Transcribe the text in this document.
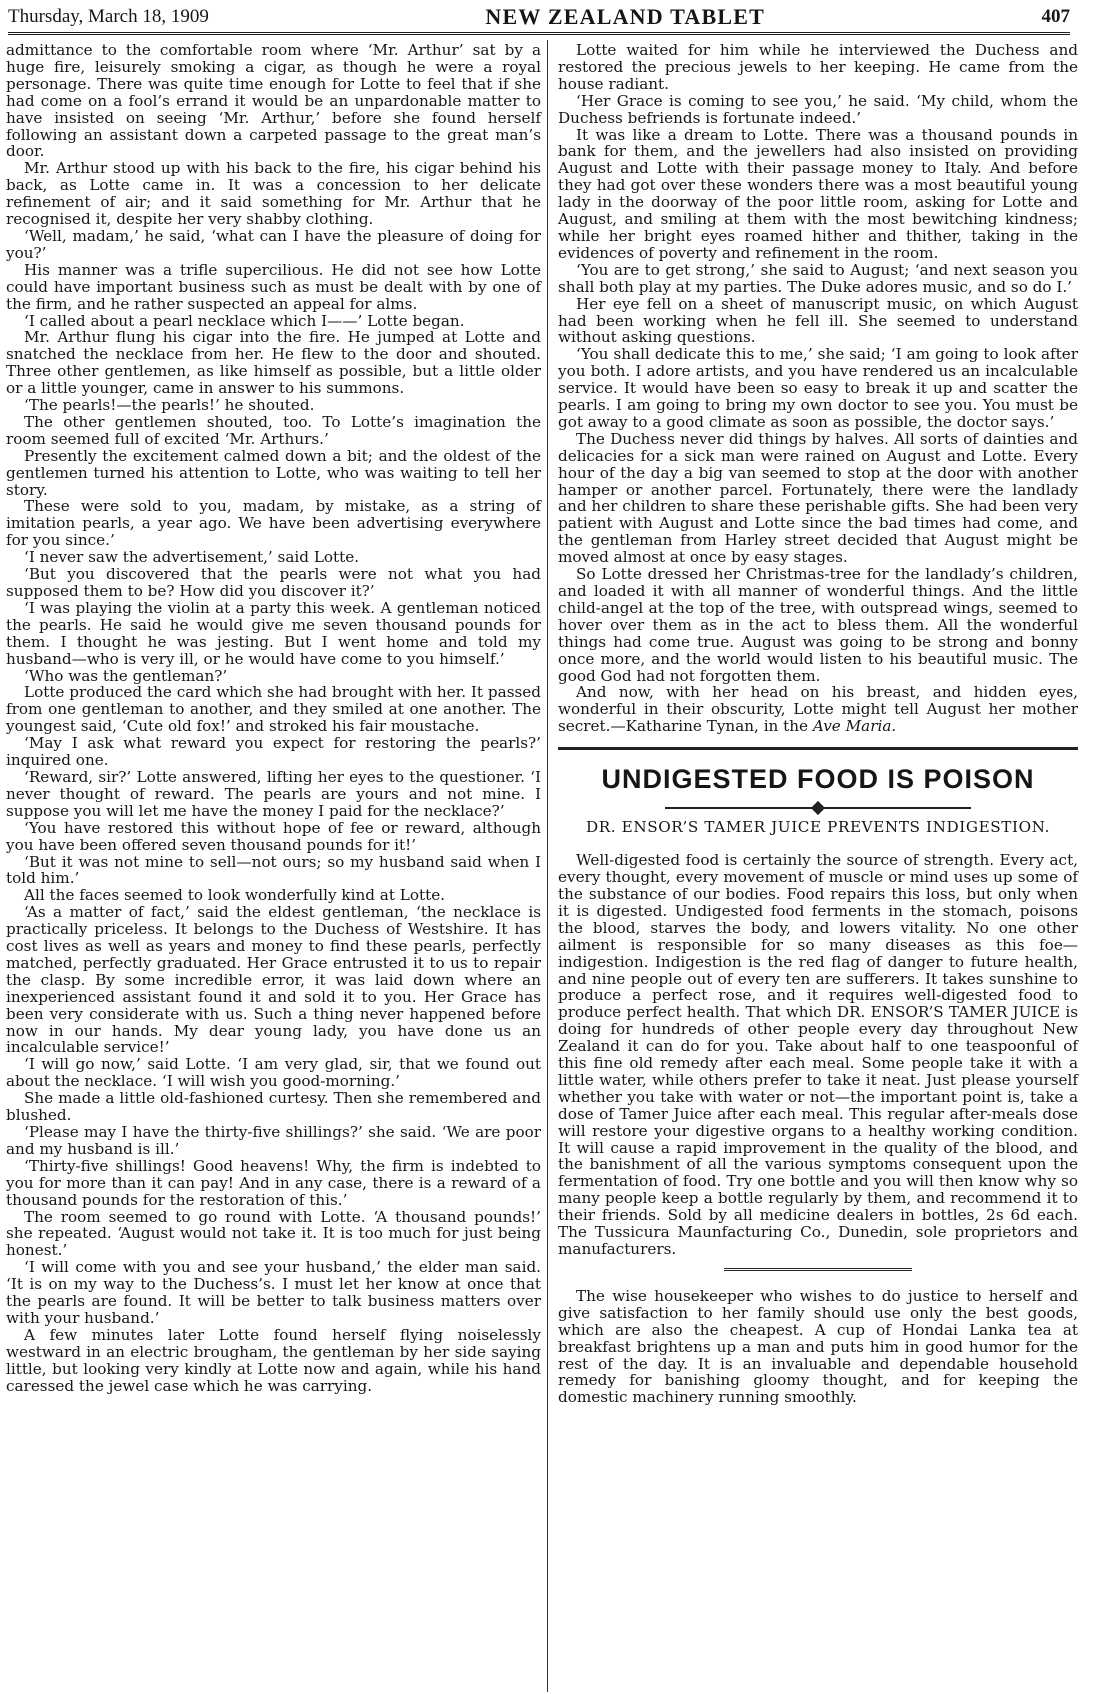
Thursday, March 18, 1909	NEW ZEALAND TABLET	407

admittance to the comfortable room where ‘Mr. Arthur’ sat by a huge fire, leisurely smoking a cigar, as though he were a royal personage. There was quite time enough for Lotte to feel that if she had come on a fool’s errand it would be an unpardonable matter to have insisted on seeing ‘Mr. Arthur,’ before she found herself following an assistant down a carpeted passage to the great man’s door.

Mr. Arthur stood up with his back to the fire, his cigar behind his back, as Lotte came in. It was a concession to her delicate refinement of air; and it said something for Mr. Arthur that he recognised it, despite her very shabby clothing.

‘Well, madam,’ he said, ‘what can I have the pleasure of doing for you?’

His manner was a trifle supercilious. He did not see how Lotte could have important business such as must be dealt with by one of the firm, and he rather suspected an appeal for alms.

‘I called about a pearl necklace which I——’ Lotte began.

Mr. Arthur flung his cigar into the fire. He jumped at Lotte and snatched the necklace from her. He flew to the door and shouted. Three other gentlemen, as like himself as possible, but a little older or a little younger, came in answer to his summons.

‘The pearls!—the pearls!’ he shouted.

The other gentlemen shouted, too. To Lotte’s imagination the room seemed full of excited ‘Mr. Arthurs.’

Presently the excitement calmed down a bit; and the oldest of the gentlemen turned his attention to Lotte, who was waiting to tell her story.

These were sold to you, madam, by mistake, as a string of imitation pearls, a year ago. We have been advertising everywhere for you since.’

‘I never saw the advertisement,’ said Lotte.

‘But you discovered that the pearls were not what you had supposed them to be? How did you discover it?’

‘I was playing the violin at a party this week. A gentleman noticed the pearls. He said he would give me seven thousand pounds for them. I thought he was jesting. But I went home and told my husband—who is very ill, or he would have come to you himself.’

‘Who was the gentleman?’

Lotte produced the card which she had brought with her. It passed from one gentleman to another, and they smiled at one another. The youngest said, ‘Cute old fox!’ and stroked his fair moustache.

‘May I ask what reward you expect for restoring the pearls?’ inquired one.

‘Reward, sir?’ Lotte answered, lifting her eyes to the questioner. ‘I never thought of reward. The pearls are yours and not mine. I suppose you will let me have the money I paid for the necklace?’

‘You have restored this without hope of fee or reward, although you have been offered seven thousand pounds for it!’

‘But it was not mine to sell—not ours; so my husband said when I told him.’

All the faces seemed to look wonderfully kind at Lotte.

‘As a matter of fact,’ said the eldest gentleman, ‘the necklace is practically priceless. It belongs to the Duchess of Westshire. It has cost lives as well as years and money to find these pearls, perfectly matched, perfectly graduated. Her Grace entrusted it to us to repair the clasp. By some incredible error, it was laid down where an inexperienced assistant found it and sold it to you. Her Grace has been very considerate with us. Such a thing never happened before now in our hands. My dear young lady, you have done us an incalculable service!’

‘I will go now,’ said Lotte. ‘I am very glad, sir, that we found out about the necklace. ‘I will wish you good-morning.’

She made a little old-fashioned curtesy. Then she remembered and blushed.

‘Please may I have the thirty-five shillings?’ she said. ‘We are poor and my husband is ill.’

‘Thirty-five shillings! Good heavens! Why, the firm is indebted to you for more than it can pay! And in any case, there is a reward of a thousand pounds for the restoration of this.’

The room seemed to go round with Lotte. ‘A thousand pounds!’ she repeated. ‘August would not take it. It is too much for just being honest.’

‘I will come with you and see your husband,’ the elder man said. ‘It is on my way to the Duchess’s. I must let her know at once that the pearls are found. It will be better to talk business matters over with your husband.’

A few minutes later Lotte found herself flying noiselessly westward in an electric brougham, the gentleman by her side saying little, but looking very kindly at Lotte now and again, while his hand caressed the jewel case which he was carrying.

Lotte waited for him while he interviewed the Duchess and restored the precious jewels to her keeping. He came from the house radiant.

‘Her Grace is coming to see you,’ he said. ‘My child, whom the Duchess befriends is fortunate indeed.’

It was like a dream to Lotte. There was a thousand pounds in bank for them, and the jewellers had also insisted on providing August and Lotte with their passage money to Italy. And before they had got over these wonders there was a most beautiful young lady in the doorway of the poor little room, asking for Lotte and August, and smiling at them with the most bewitching kindness; while her bright eyes roamed hither and thither, taking in the evidences of poverty and refinement in the room.

‘You are to get strong,’ she said to August; ‘and next season you shall both play at my parties. The Duke adores music, and so do I.’

Her eye fell on a sheet of manuscript music, on which August had been working when he fell ill. She seemed to understand without asking questions.

‘You shall dedicate this to me,’ she said; ‘I am going to look after you both. I adore artists, and you have rendered us an incalculable service. It would have been so easy to break it up and scatter the pearls. I am going to bring my own doctor to see you. You must be got away to a good climate as soon as possible, the doctor says.’

The Duchess never did things by halves. All sorts of dainties and delicacies for a sick man were rained on August and Lotte. Every hour of the day a big van seemed to stop at the door with another hamper or another parcel. Fortunately, there were the landlady and her children to share these perishable gifts. She had been very patient with August and Lotte since the bad times had come, and the gentleman from Harley street decided that August might be moved almost at once by easy stages.

So Lotte dressed her Christmas-tree for the landlady’s children, and loaded it with all manner of wonderful things. And the little child-angel at the top of the tree, with outspread wings, seemed to hover over them as in the act to bless them. All the wonderful things had come true. August was going to be strong and bonny once more, and the world would listen to his beautiful music. The good God had not forgotten them.

And now, with her head on his breast, and hidden eyes, wonderful in their obscurity, Lotte might tell August her mother secret.—Katharine Tynan, in the Ave Maria.

UNDIGESTED FOOD IS POISON
DR. ENSOR’S TAMER JUICE PREVENTS INDIGESTION.

Well-digested food is certainly the source of strength. Every act, every thought, every movement of muscle or mind uses up some of the substance of our bodies. Food repairs this loss, but only when it is digested. Undigested food ferments in the stomach, poisons the blood, starves the body, and lowers vitality. No one other ailment is responsible for so many diseases as this foe—indigestion. Indigestion is the red flag of danger to future health, and nine people out of every ten are sufferers. It takes sunshine to produce a perfect rose, and it requires well-digested food to produce perfect health. That which DR. ENSOR’S TAMER JUICE is doing for hundreds of other people every day throughout New Zealand it can do for you. Take about half to one teaspoonful of this fine old remedy after each meal. Some people take it with a little water, while others prefer to take it neat. Just please yourself whether you take with water or not—the important point is, take a dose of Tamer Juice after each meal. This regular after-meals dose will restore your digestive organs to a healthy working condition. It will cause a rapid improvement in the quality of the blood, and the banishment of all the various symptoms consequent upon the fermentation of food. Try one bottle and you will then know why so many people keep a bottle regularly by them, and recommend it to their friends. Sold by all medicine dealers in bottles, 2s 6d each. The Tussicura Maunfacturing Co., Dunedin, sole proprietors and manufacturers.

The wise housekeeper who wishes to do justice to herself and give satisfaction to her family should use only the best goods, which are also the cheapest. A cup of Hondai Lanka tea at breakfast brightens up a man and puts him in good humor for the rest of the day. It is an invaluable and dependable household remedy for banishing gloomy thought, and for keeping the domestic machinery running smoothly.
